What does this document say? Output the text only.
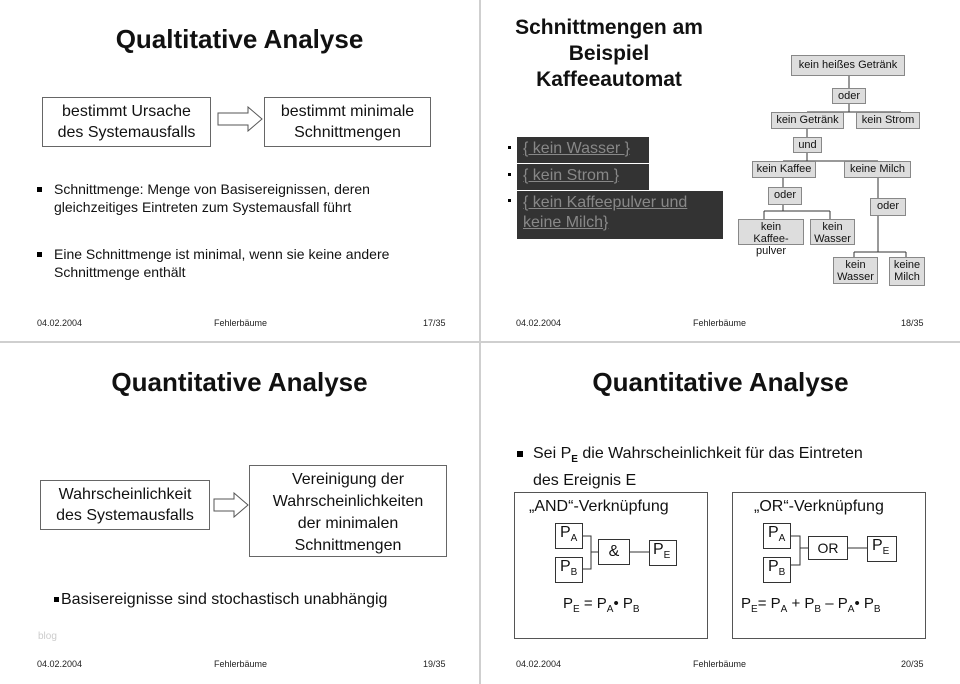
Qualtitative Analyse
bestimmt Ursache
des Systemausfalls
bestimmt minimale
Schnittmengen
Schnittmenge: Menge von Basisereignissen, deren
gleichzeitiges Eintreten zum Systemausfall führt
Eine Schnittmenge ist minimal, wenn sie keine andere
Schnittmenge enthält
04.02.2004	Fehlerbäume	17/35
Schnittmengen am
Beispiel
Kaffeeautomat
{ kein Wasser }
{ kein Strom }
{ kein Kaffeepulver und
keine Milch}
kein heißes Getränk
oder
kein Getränk	kein Strom
und
kein Kaffee	keine Milch
oder
oder
kein Kaffee-
pulver
kein
Wasser
kein
Wasser
keine
Milch
04.02.2004	Fehlerbäume	18/35
Quantitative Analyse
Wahrscheinlichkeit
des Systemausfalls
Vereinigung der
Wahrscheinlichkeiten
der minimalen
Schnittmengen
Basisereignisse sind stochastisch unabhängig
blog
04.02.2004	Fehlerbäume	19/35
Quantitative Analyse
Sei $P_E$ die Wahrscheinlichkeit für das Eintreten
des Ereignis E
„AND“-Verknüpfung
$P_A$
$P_B$
&	$P_E$
$P_E$ = $P_A•$ $P_B$
„OR“-Verknüpfung
$P_A$
$P_B$
OR	$P_E$
$P_E= P_A + P_B$ – $P_A•$ $P_B$
04.02.2004	Fehlerbäume	20/35
